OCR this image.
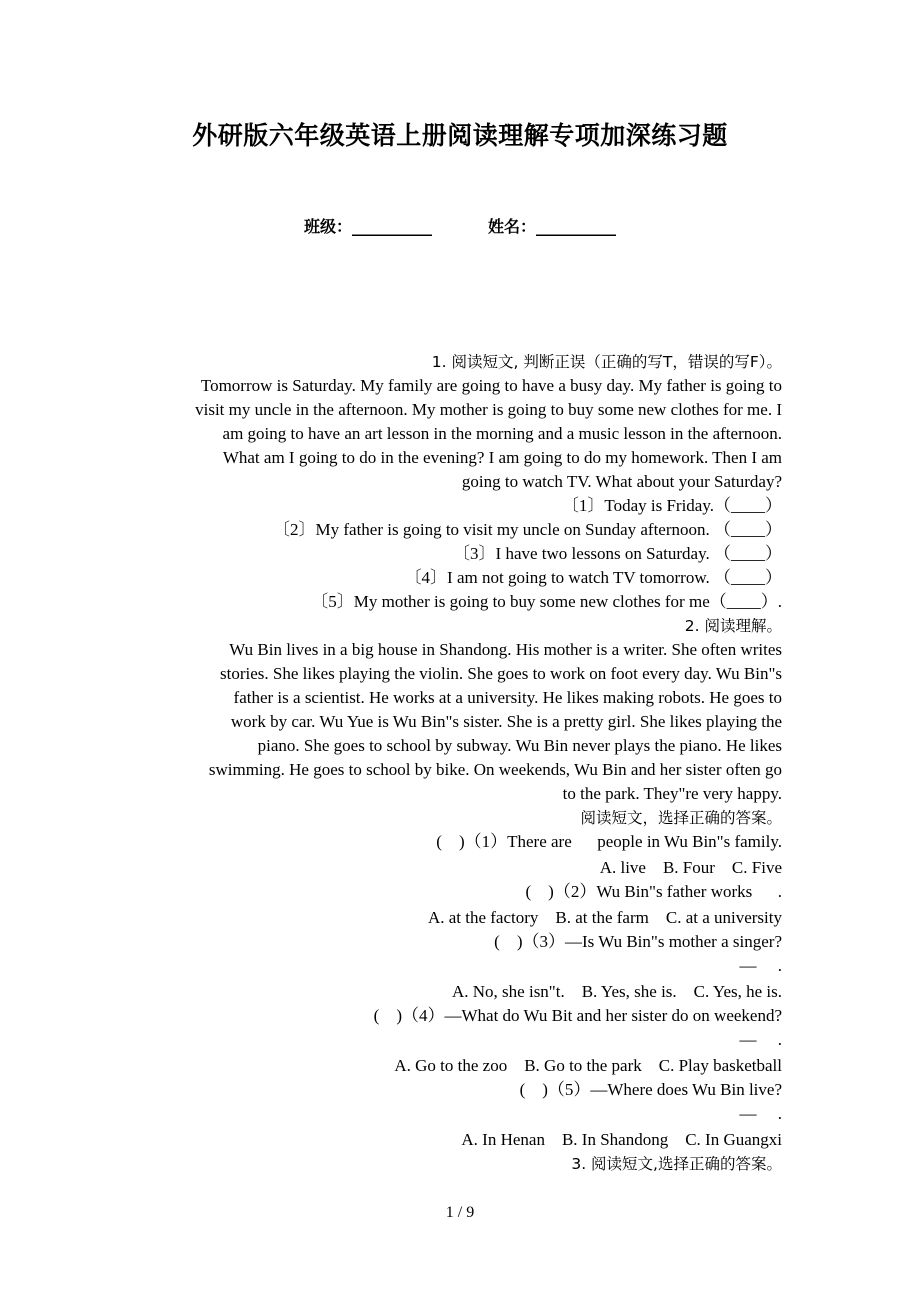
外研版六年级英语上册阅读理解专项加深练习题
班级：__________	姓名：__________
1. 阅读短文, 判断正误（正确的写T，错误的写F）。
Tomorrow is Saturday. My family are going to have a busy day. My father is going to
visit my uncle in the afternoon. My mother is going to buy some new clothes for me. I
am going to have an art lesson in the morning and a music lesson in the afternoon.
What am I going to do in the evening? I am going to do my homework. Then I am
going to watch TV. What about your Saturday?
〔1〕Today is Friday.（____）
〔2〕My father is going to visit my uncle on Sunday afternoon. （____）
〔3〕I have two lessons on Saturday. （____）
〔4〕I am not going to watch TV tomorrow. （____）
〔5〕My mother is going to buy some new clothes for me（____）.
2. 阅读理解。
Wu Bin lives in a big house in Shandong. His mother is a writer. She often writes
stories. She likes playing the violin. She goes to work on foot every day. Wu Bin"s
father is a scientist. He works at a university. He likes making robots. He goes to
work by car. Wu Yue is Wu Bin"s sister. She is a pretty girl. She likes playing the
piano. She goes to school by subway. Wu Bin never plays the piano. He likes
swimming. He goes to school by bike. On weekends, Wu Bin and her sister often go
to the park. They"re very happy.
阅读短文，选择正确的答案。
(　)（1）There are 　 people in Wu Bin"s family.
A. live　B. Four　C. Five
(　)（2）Wu Bin"s father works 　 .
A. at the factory　B. at the farm　C. at a university
(　)（3）—Is Wu Bin"s mother a singer?
— 　.
A. No, she isn"t.　B. Yes, she is.　C. Yes, he is.
(　)（4）—What do Wu Bit and her sister do on weekend?
— 　.
A. Go to the zoo　B. Go to the park　C. Play basketball
(　)（5）—Where does Wu Bin live?
— 　.
A. In Henan　B. In Shandong　C. In Guangxi
3. 阅读短文,选择正确的答案。
1 / 9
